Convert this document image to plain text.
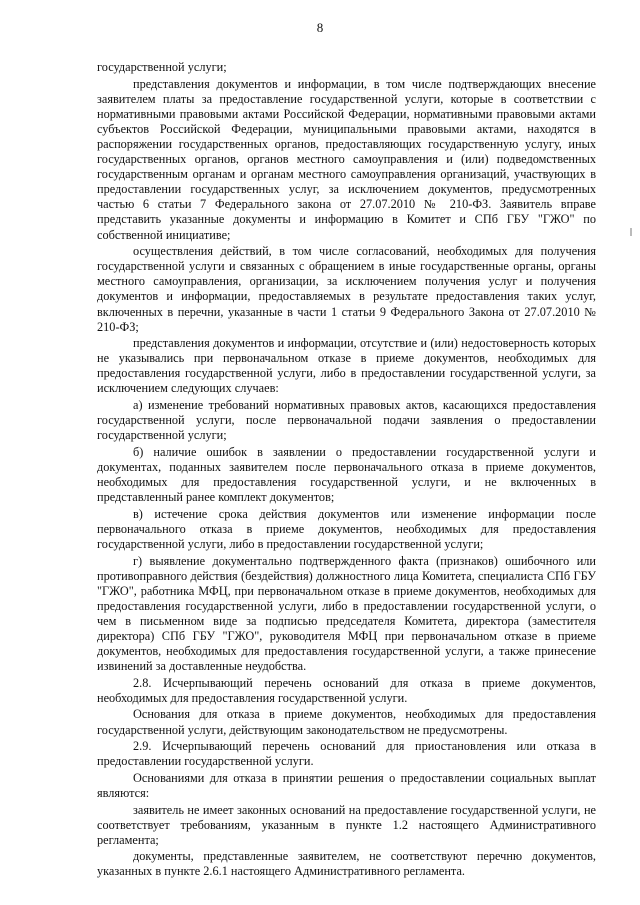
8

государственной услуги;

представления документов и информации, в том числе подтверждающих внесение заявителем платы за предоставление государственной услуги, которые в соответствии с нормативными правовыми актами Российской Федерации, нормативными правовыми актами субъектов Российской Федерации, муниципальными правовыми актами, находятся в распоряжении государственных органов, предоставляющих государственную услугу, иных государственных органов, органов местного самоуправления и (или) подведомственных государственным органам и органам местного самоуправления организаций, участвующих в предоставлении государственных услуг, за исключением документов, предусмотренных частью 6 статьи 7 Федерального закона от 27.07.2010 № 210-ФЗ. Заявитель вправе представить указанные документы и информацию в Комитет и СПб ГБУ "ГЖО" по собственной инициативе;

осуществления действий, в том числе согласований, необходимых для получения государственной услуги и связанных с обращением в иные государственные органы, органы местного самоуправления, организации, за исключением получения услуг и получения документов и информации, предоставляемых в результате предоставления таких услуг, включенных в перечни, указанные в части 1 статьи 9 Федерального Закона от 27.07.2010 № 210-ФЗ;

представления документов и информации, отсутствие и (или) недостоверность которых не указывались при первоначальном отказе в приеме документов, необходимых для предоставления государственной услуги, либо в предоставлении государственной услуги, за исключением следующих случаев:

а) изменение требований нормативных правовых актов, касающихся предоставления государственной услуги, после первоначальной подачи заявления о предоставлении государственной услуги;

б) наличие ошибок в заявлении о предоставлении государственной услуги и документах, поданных заявителем после первоначального отказа в приеме документов, необходимых для предоставления государственной услуги, и не включенных в представленный ранее комплект документов;

в) истечение срока действия документов или изменение информации после первоначального отказа в приеме документов, необходимых для предоставления государственной услуги, либо в предоставлении государственной услуги;

г) выявление документально подтвержденного факта (признаков) ошибочного или противоправного действия (бездействия) должностного лица Комитета, специалиста СПб ГБУ "ГЖО", работника МФЦ, при первоначальном отказе в приеме документов, необходимых для предоставления государственной услуги, либо в предоставлении государственной услуги, о чем в письменном виде за подписью председателя Комитета, директора (заместителя директора) СПб ГБУ "ГЖО", руководителя МФЦ при первоначальном отказе в приеме документов, необходимых для предоставления государственной услуги, а также принесение извинений за доставленные неудобства.

2.8. Исчерпывающий перечень оснований для отказа в приеме документов, необходимых для предоставления государственной услуги.

Основания для отказа в приеме документов, необходимых для предоставления государственной услуги, действующим законодательством не предусмотрены.

2.9. Исчерпывающий перечень оснований для приостановления или отказа в предоставлении государственной услуги.

Основаниями для отказа в принятии решения о предоставлении социальных выплат являются:

заявитель не имеет законных оснований на предоставление государственной услуги, не соответствует требованиям, указанным в пункте 1.2 настоящего Административного регламента;

документы, представленные заявителем, не соответствуют перечню документов, указанных в пункте 2.6.1 настоящего Административного регламента.
